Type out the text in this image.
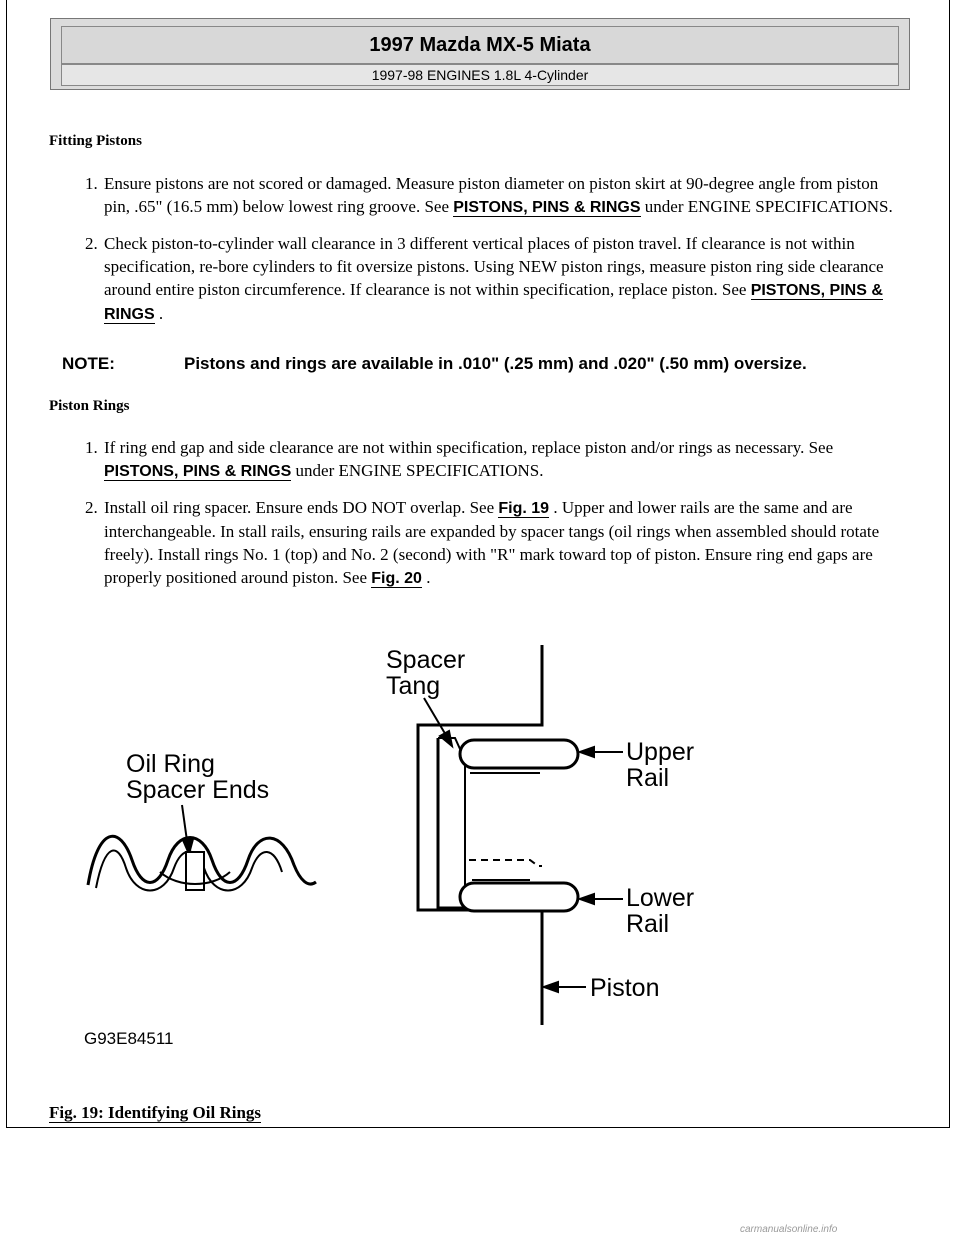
1997 Mazda MX-5 Miata
1997-98 ENGINES 1.8L 4-Cylinder
Fitting Pistons
1. Ensure pistons are not scored or damaged. Measure piston diameter on piston skirt at 90-degree angle from piston pin, .65" (16.5 mm) below lowest ring groove. See PISTONS, PINS & RINGS under ENGINE SPECIFICATIONS.
2. Check piston-to-cylinder wall clearance in 3 different vertical places of piston travel. If clearance is not within specification, re-bore cylinders to fit oversize pistons. Using NEW piston rings, measure piston ring side clearance around entire piston circumference. If clearance is not within specification, replace piston. See PISTONS, PINS & RINGS .
NOTE:	Pistons and rings are available in .010" (.25 mm) and .020" (.50 mm) oversize.
Piston Rings
1. If ring end gap and side clearance are not within specification, replace piston and/or rings as necessary. See PISTONS, PINS & RINGS under ENGINE SPECIFICATIONS.
2. Install oil ring spacer. Ensure ends DO NOT overlap. See Fig. 19 . Upper and lower rails are the same and are interchangeable. In stall rails, ensuring rails are expanded by spacer tangs (oil rings when assembled should rotate freely). Install rings No. 1 (top) and No. 2 (second) with "R" mark toward top of piston. Ensure ring end gaps are properly positioned around piston. See Fig. 20 .
Spacer
Tang
Oil Ring
Spacer Ends
Upper
Rail
Lower
Rail
Piston
G93E84511
Fig. 19: Identifying Oil Rings
carmanualsonline.info
